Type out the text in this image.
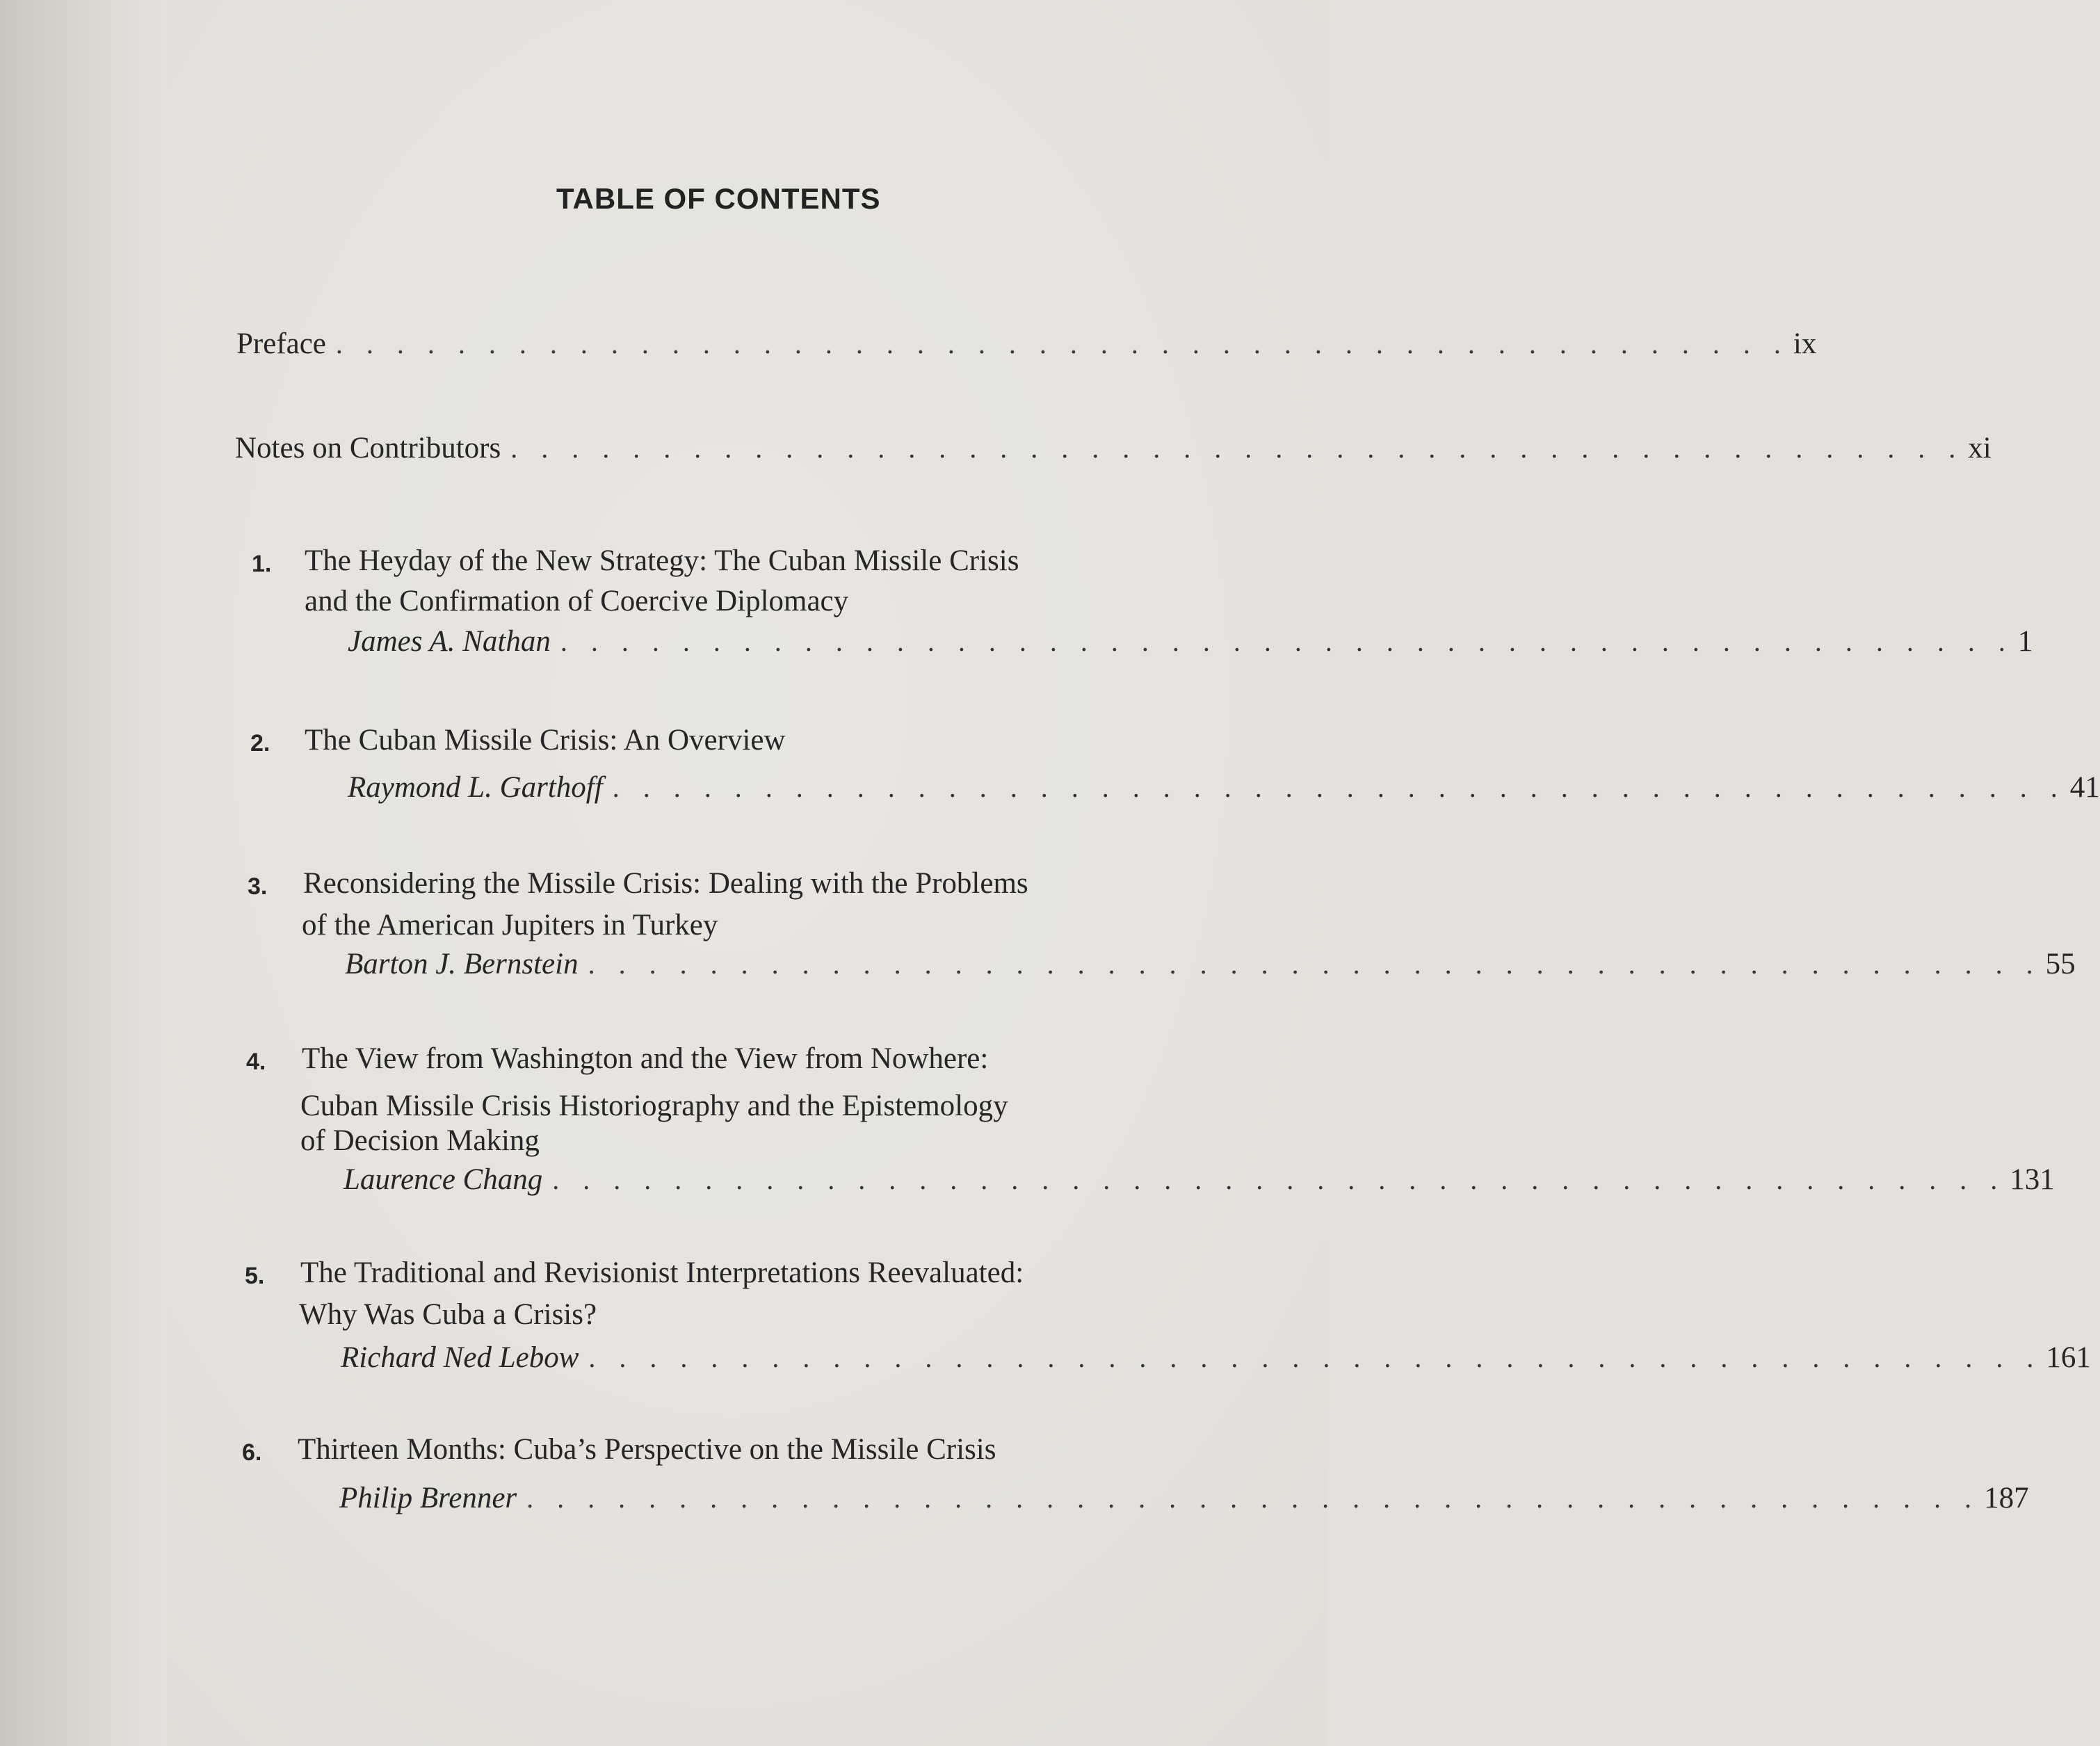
TABLE OF CONTENTS
Preface . . . . . . . . . . . . . . . . . . . . . . . . . . . . . . . . . . . . . . . . . . . . . . . . ix
Notes on Contributors . . . . . . . . . . . . . . . . . . . . . . . . . . . . . . . . . . . . . . . . . . . . . . . . xi
1. The Heyday of the New Strategy: The Cuban Missile Crisis
and the Confirmation of Coercive Diplomacy
James A. Nathan . . . . . . . . . . . . . . . . . . . . . . . . . . . . . . . . . . . . . . . . . . . . . . . . 1
2. The Cuban Missile Crisis: An Overview
Raymond L. Garthoff . . . . . . . . . . . . . . . . . . . . . . . . . . . . . . . . . . . . . . . . . . . . . . . . 41
3. Reconsidering the Missile Crisis: Dealing with the Problems
of the American Jupiters in Turkey
Barton J. Bernstein . . . . . . . . . . . . . . . . . . . . . . . . . . . . . . . . . . . . . . . . . . . . . . . . 55
4. The View from Washington and the View from Nowhere:
Cuban Missile Crisis Historiography and the Epistemology
of Decision Making
Laurence Chang . . . . . . . . . . . . . . . . . . . . . . . . . . . . . . . . . . . . . . . . . . . . . . . . 131
5. The Traditional and Revisionist Interpretations Reevaluated:
Why Was Cuba a Crisis?
Richard Ned Lebow . . . . . . . . . . . . . . . . . . . . . . . . . . . . . . . . . . . . . . . . . . . . . . . . 161
6. Thirteen Months: Cuba’s Perspective on the Missile Crisis
Philip Brenner . . . . . . . . . . . . . . . . . . . . . . . . . . . . . . . . . . . . . . . . . . . . . . . . 187
